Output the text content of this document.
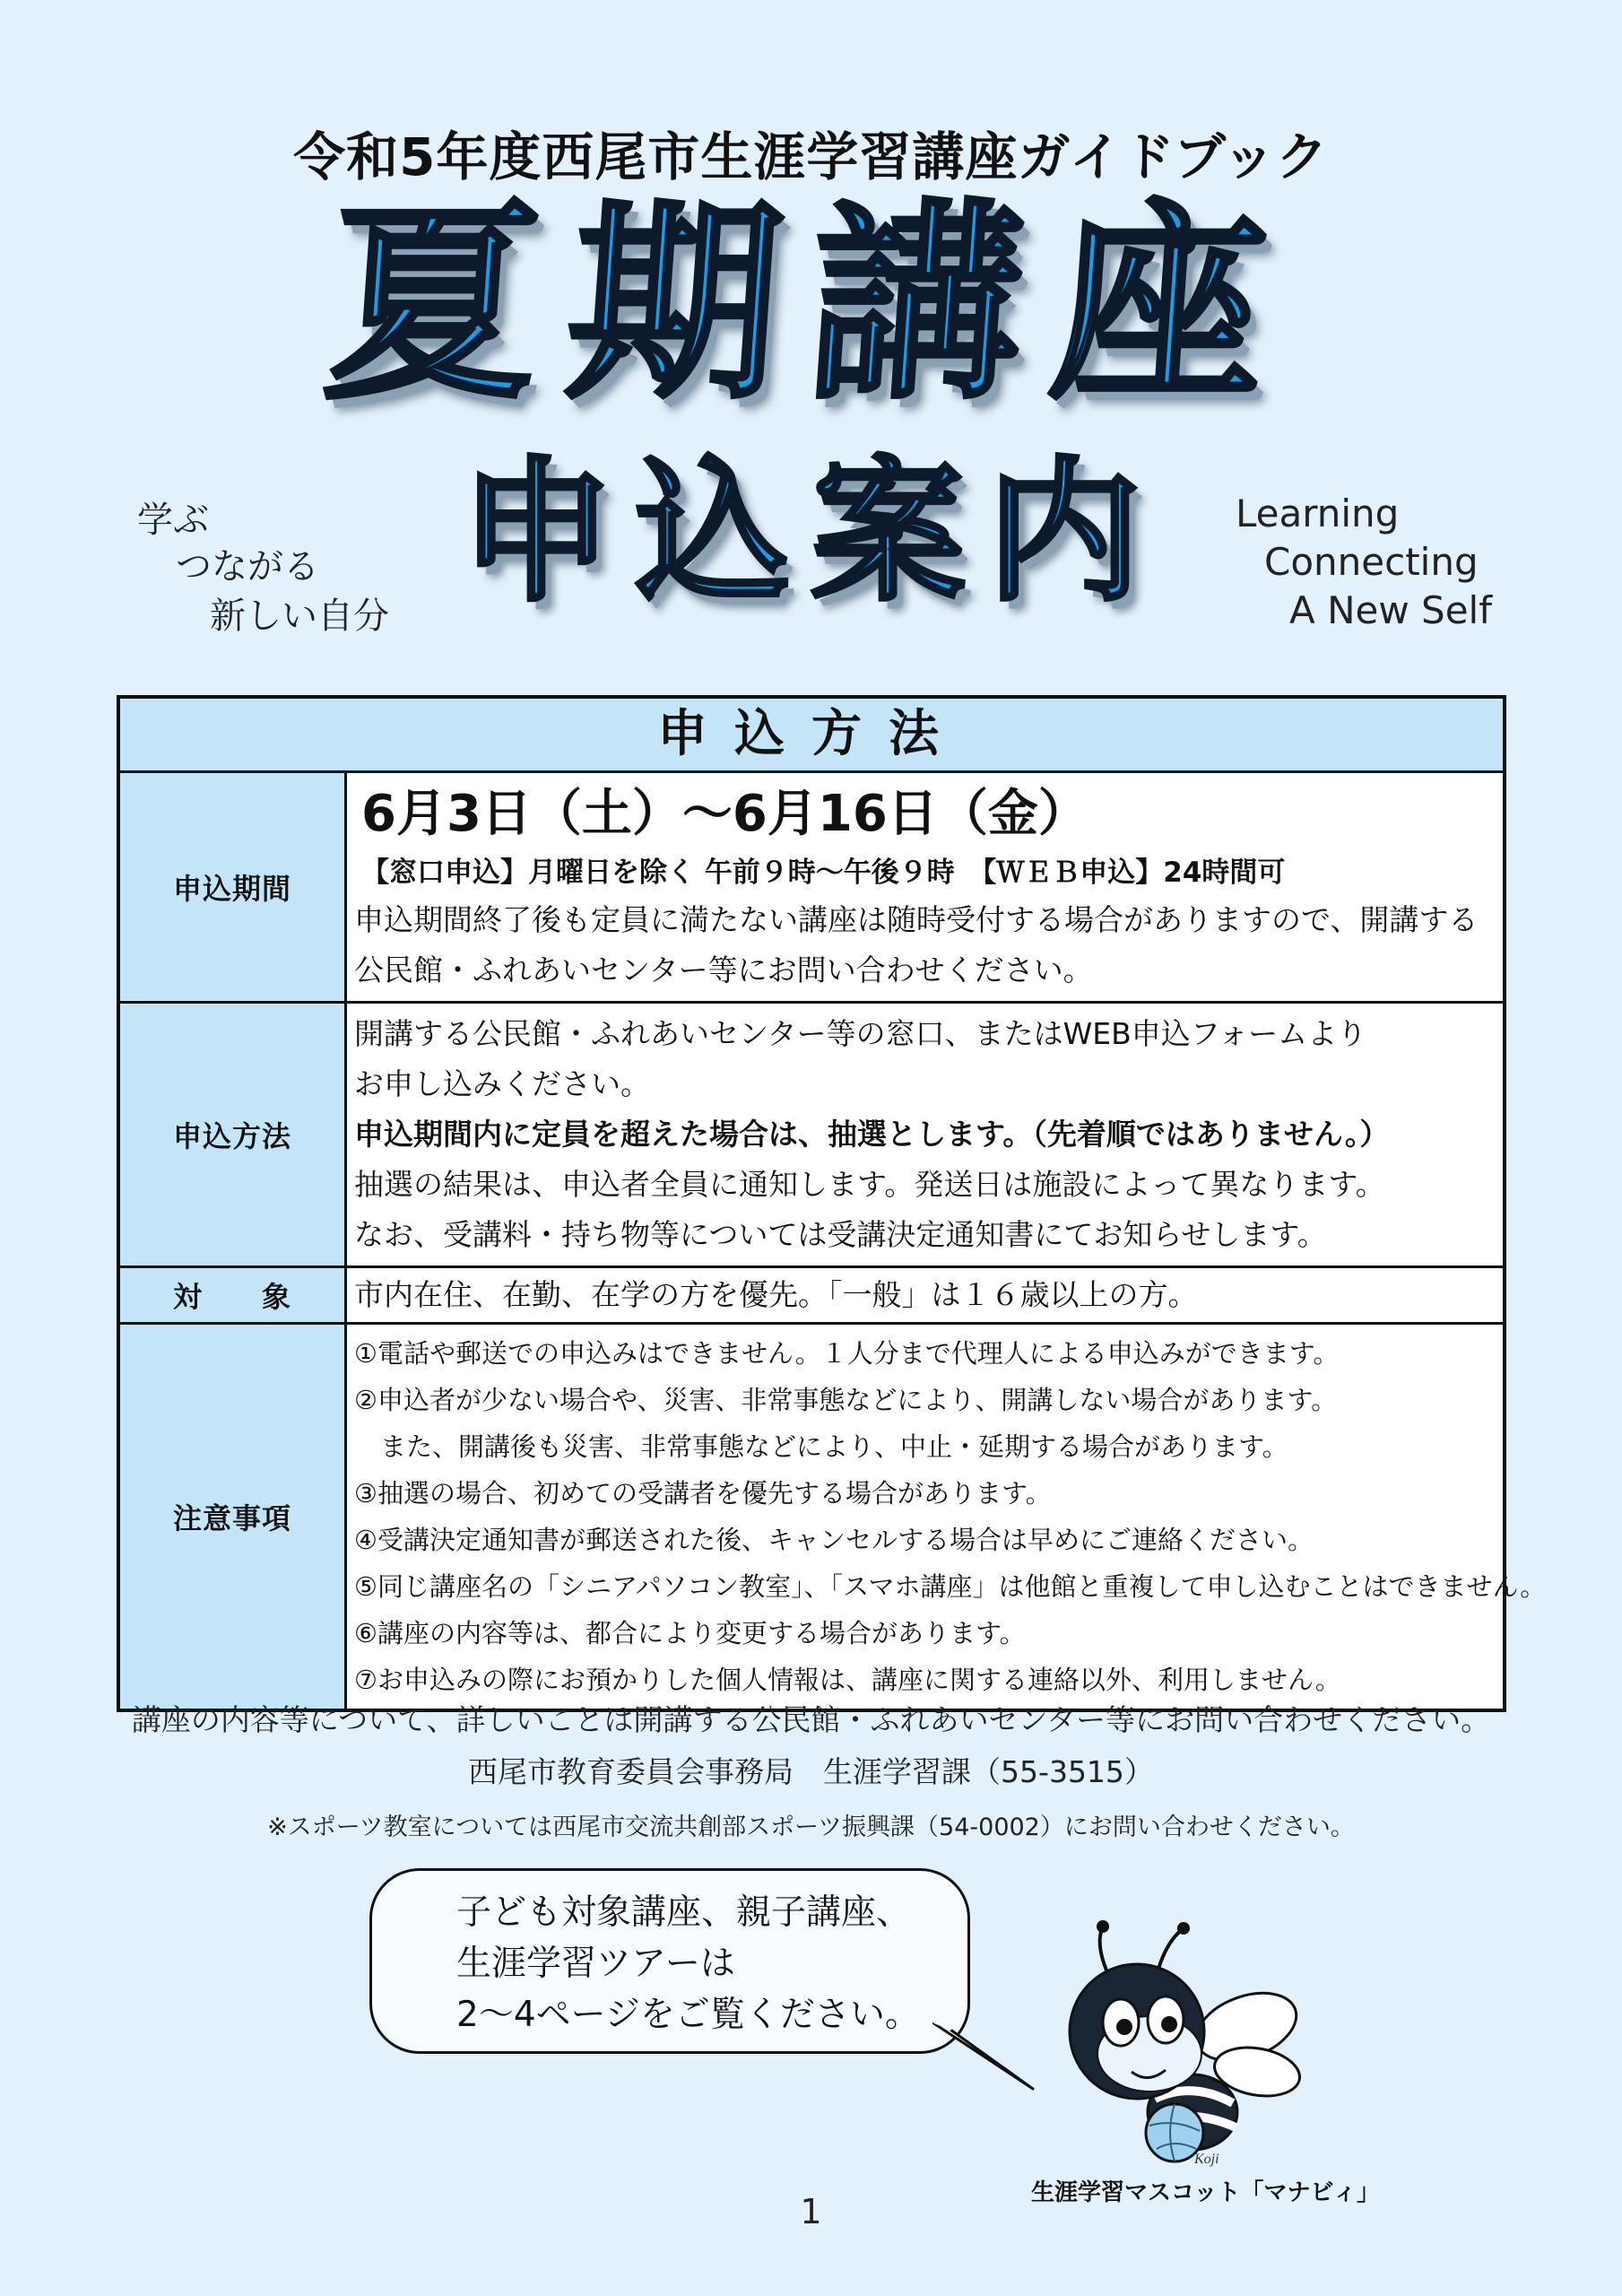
令和5年度西尾市生涯学習講座ガイドブック
夏期講座
申込案内
学ぶ
つながる
新しい自分
Learning
Connecting
A New Self
申込方法
申込期間
6月3日（土）～6月16日（金）
【窓口申込】月曜日を除く 午前９時～午後９時　【ＷＥＢ申込】24時間可
申込期間終了後も定員に満たない講座は随時受付する場合がありますので、開講する
公民館・ふれあいセンター等にお問い合わせください。
申込方法
開講する公民館・ふれあいセンター等の窓口、またはWEB申込フォームより
お申し込みください。
申込期間内に定員を超えた場合は、抽選とします。（先着順ではありません。）
抽選の結果は、申込者全員に通知します。発送日は施設によって異なります。
なお、受講料・持ち物等については受講決定通知書にてお知らせします。
対　　象	市内在住、在勤、在学の方を優先。「一般」は１６歳以上の方。
注意事項
①電話や郵送での申込みはできません。１人分まで代理人による申込みができます。
②申込者が少ない場合や、災害、非常事態などにより、開講しない場合があります。
　また、開講後も災害、非常事態などにより、中止・延期する場合があります。
③抽選の場合、初めての受講者を優先する場合があります。
④受講決定通知書が郵送された後、キャンセルする場合は早めにご連絡ください。
⑤同じ講座名の「シニアパソコン教室」、「スマホ講座」は他館と重複して申し込むことはできません。
⑥講座の内容等は、都合により変更する場合があります。
⑦お申込みの際にお預かりした個人情報は、講座に関する連絡以外、利用しません。
講座の内容等について、詳しいことは開講する公民館・ふれあいセンター等にお問い合わせください。
西尾市教育委員会事務局　生涯学習課（55-3515）
※スポーツ教室については西尾市交流共創部スポーツ振興課（54-0002）にお問い合わせください。
子ども対象講座、親子講座、
生涯学習ツアーは
2～4ページをご覧ください。
Koji
生涯学習マスコット「マナビィ」
1
